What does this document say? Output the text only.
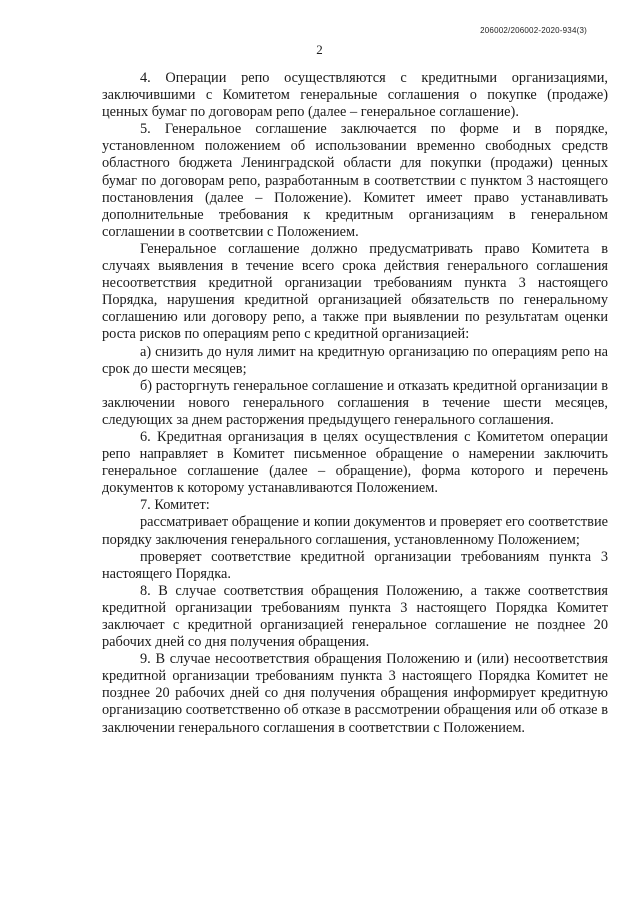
206002/206002-2020-934(3)
2

4. Операции репо осуществляются с кредитными организациями, заключившими с Комитетом генеральные соглашения о покупке (продаже) ценных бумаг по договорам репо (далее – генеральное соглашение).

5. Генеральное соглашение заключается по форме и в порядке, установленном положением об использовании временно свободных средств областного бюджета Ленинградской области для покупки (продажи) ценных бумаг по договорам репо, разработанным в соответствии с пунктом 3 настоящего постановления (далее – Положение). Комитет имеет право устанавливать дополнительные требования к кредитным организациям в генеральном соглашении в соответсвии с Положением.

Генеральное соглашение должно предусматривать право Комитета в случаях выявления в течение всего срока действия генерального соглашения несоответствия кредитной организации требованиям пункта 3 настоящего Порядка, нарушения кредитной организацией обязательств по генеральному соглашению или договору репо, а также при выявлении по результатам оценки роста рисков по операциям репо с кредитной организацией:

а) снизить до нуля лимит на кредитную организацию по операциям репо на срок до шести месяцев;

б) расторгнуть генеральное соглашение и отказать кредитной организации в заключении нового генерального соглашения в течение шести месяцев, следующих за днем расторжения предыдущего генерального соглашения.

6. Кредитная организация в целях осуществления с Комитетом операции репо направляет в Комитет письменное обращение о намерении заключить генеральное соглашение (далее – обращение), форма которого и перечень документов к которому устанавливаются Положением.

7. Комитет:

рассматривает обращение и копии документов и проверяет его соответствие порядку заключения генерального соглашения, установленному Положением;

проверяет соответствие кредитной организации требованиям пункта 3 настоящего Порядка.

8. В случае соответствия обращения Положению, а также соответствия кредитной организации требованиям пункта 3 настоящего Порядка Комитет заключает с кредитной организацией генеральное соглашение не позднее 20 рабочих дней со дня получения обращения.

9. В случае несоответствия обращения Положению и (или) несоответствия кредитной организации требованиям пункта 3 настоящего Порядка Комитет не позднее 20 рабочих дней со дня получения обращения информирует кредитную организацию соответственно об отказе в рассмотрении обращения или об отказе в заключении генерального соглашения в соответствии с Положением.
